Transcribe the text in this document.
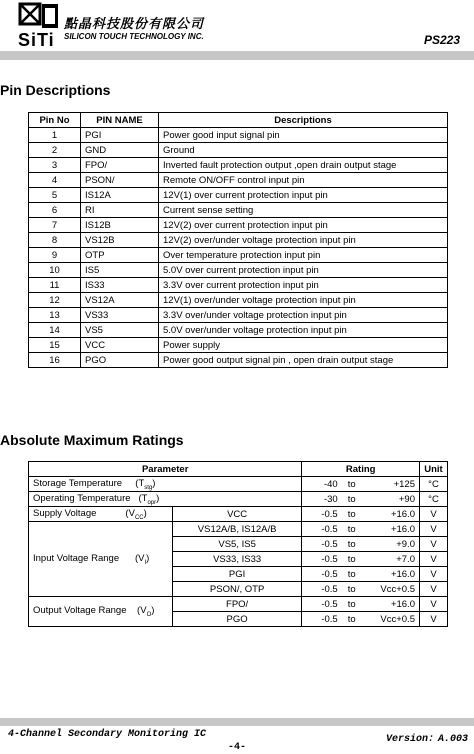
SiTi
點晶科技股份有限公司
SILICON TOUCH TECHNOLOGY INC.	PS223
Pin Descriptions
Pin No	PIN NAME	Descriptions
1	PGI	Power good input signal pin
2	GND	Ground
3	FPO/	Inverted fault protection output ,open drain output stage
4	PSON/	Remote ON/OFF control input pin
5	IS12A	12V(1) over current protection input pin
6	RI	Current sense setting
7	IS12B	12V(2) over current protection input pin
8	VS12B	12V(2) over/under voltage protection input pin
9	OTP	Over temperature protection input pin
10	IS5	5.0V over current protection input pin
11	IS33	3.3V over current protection input pin
12	VS12A	12V(1) over/under voltage protection input pin
13	VS33	3.3V over/under voltage protection input pin
14	VS5	5.0V over/under voltage protection input pin
15	VCC	Power supply
16	PGO	Power good output signal pin , open drain output stage
Absolute Maximum Ratings
Parameter		Rating			Unit
Storage Temperature     $(T_{stg})$		-40	to	+125	°C
Operating Temperature   $(T_{opr})$		-30	to	+90	°C
Supply Voltage           $(V_{CC})$	VCC	-0.5	to	+16.0	V
Input Voltage Range      $(V_I)$	VS12A/B, IS12A/B	-0.5	to	+16.0	V
	VS5, IS5	-0.5	to	+9.0	V
	VS33, IS33	-0.5	to	+7.0	V
	PGI	-0.5	to	+16.0	V
	PSON/, OTP	-0.5	to	Vcc+0.5	V
Output Voltage Range    $(V_O)$	FPO/	-0.5	to	+16.0	V
	PGO	-0.5	to	Vcc+0.5	V
4-Channel Secondary Monitoring IC	Version：A.003
-4-
